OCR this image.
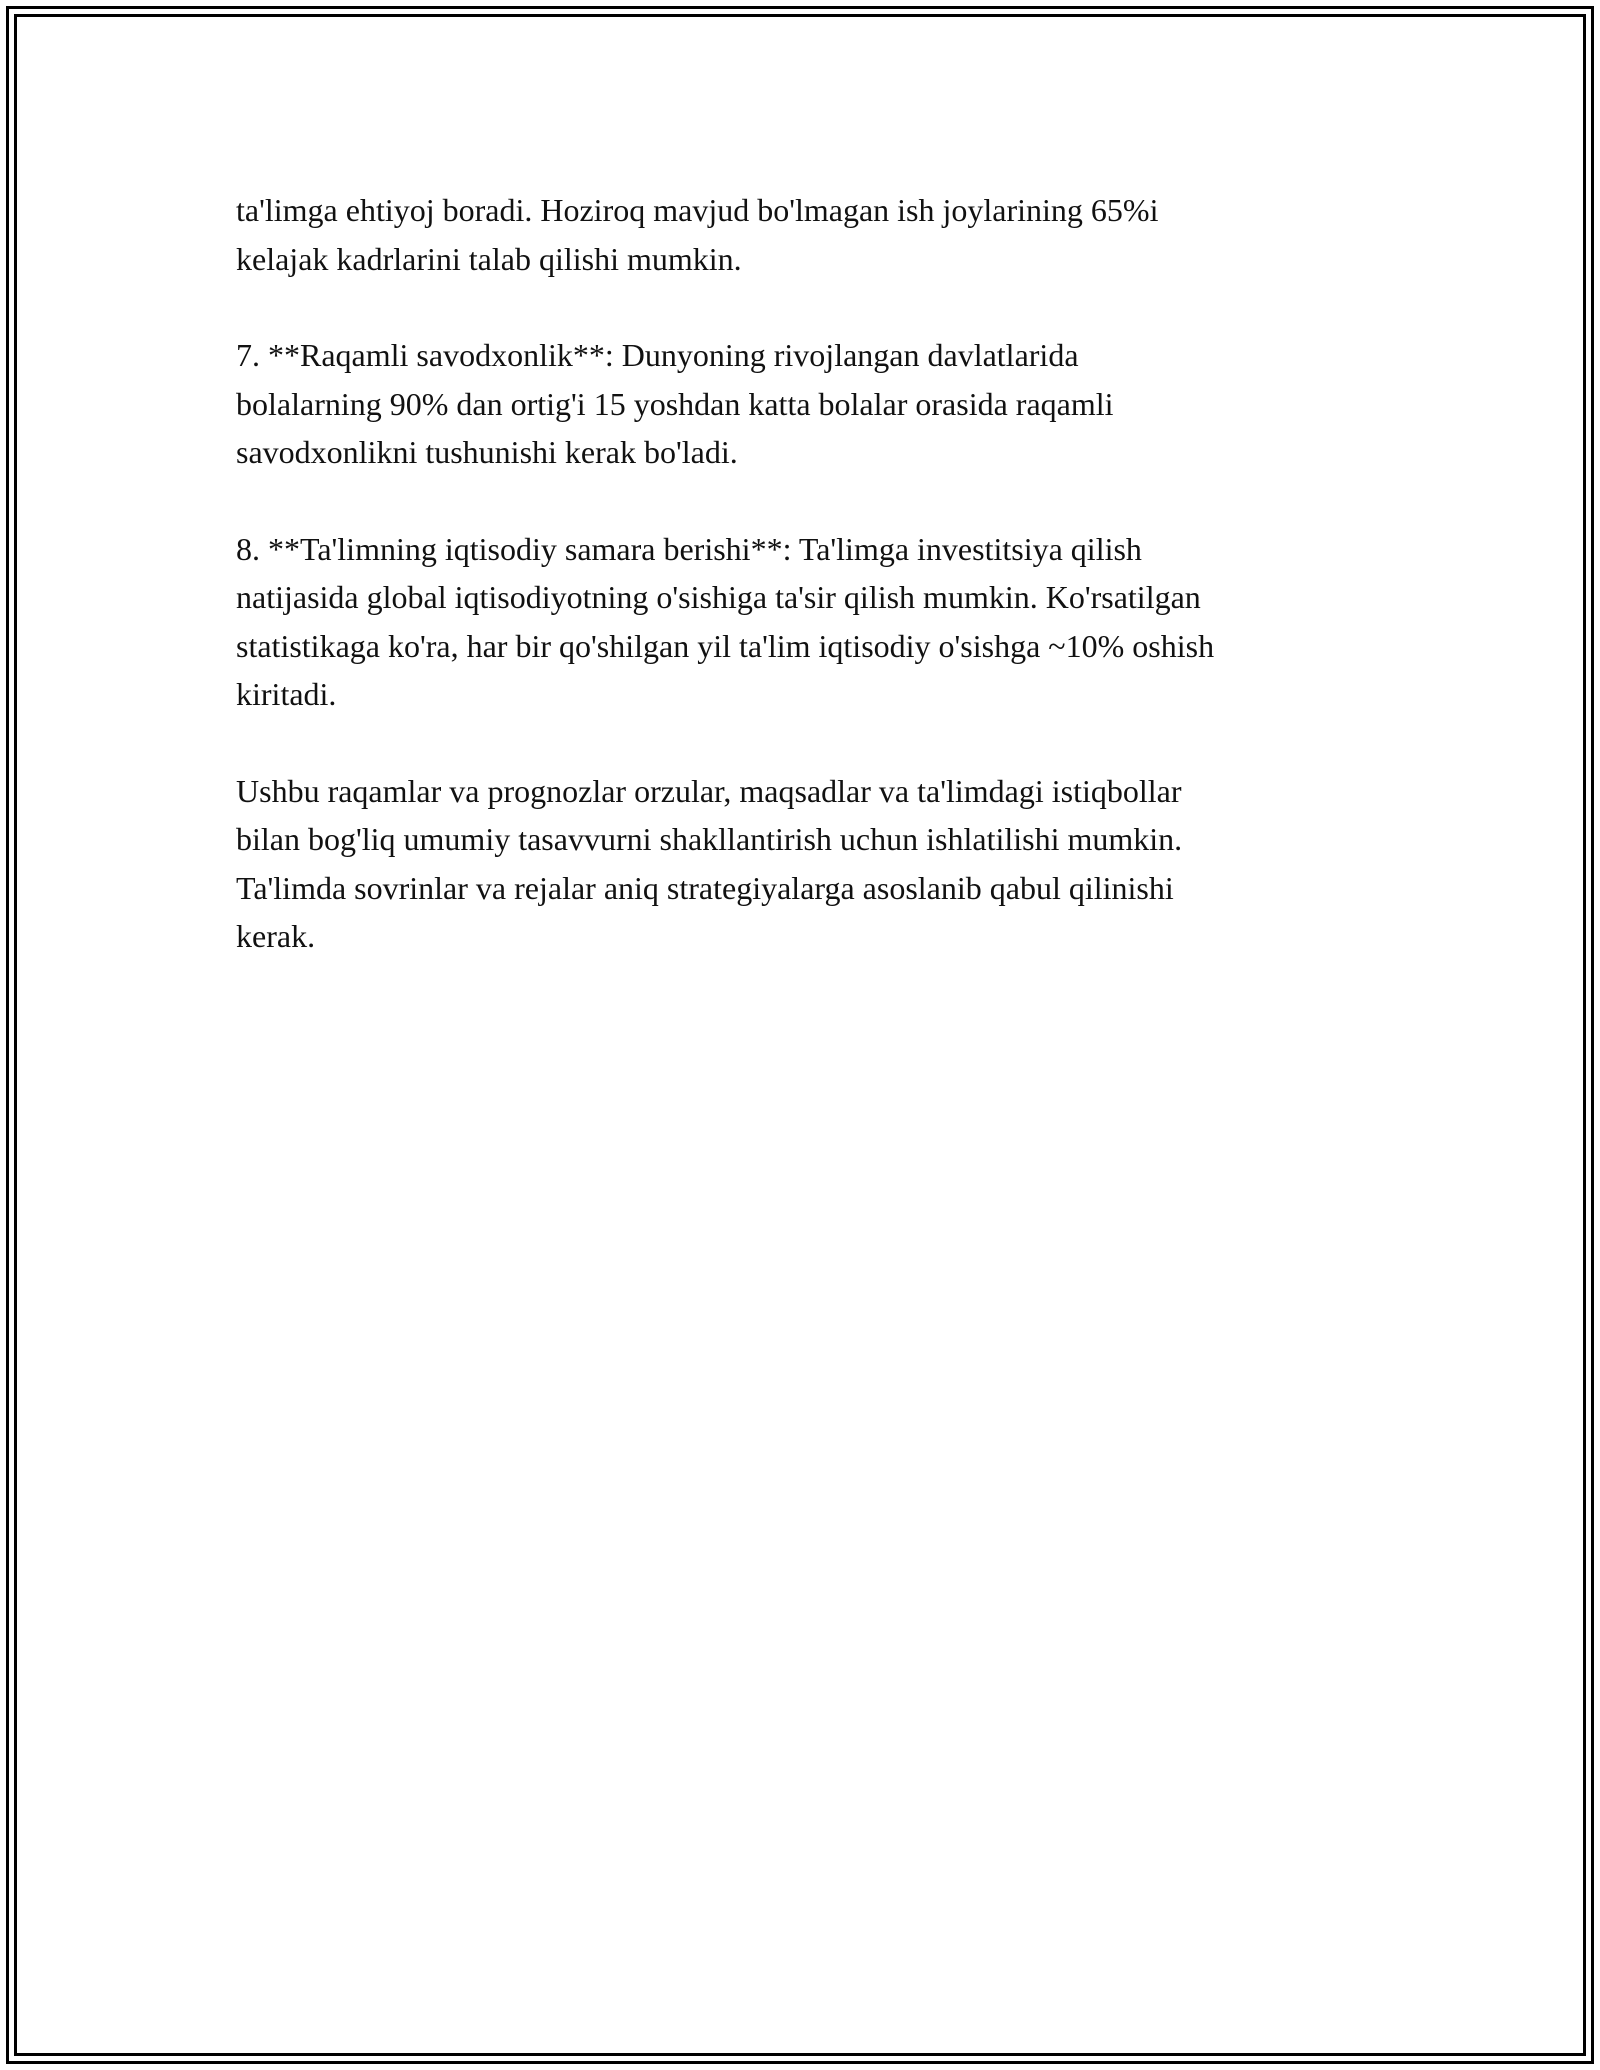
ta'limga ehtiyoj boradi. Hoziroq mavjud bo'lmagan ish joylarining 65%i
kelajak kadrlarini talab qilishi mumkin.

7. **Raqamli savodxonlik**: Dunyoning rivojlangan davlatlarida
bolalarning 90% dan ortig'i 15 yoshdan katta bolalar orasida raqamli
savodxonlikni tushunishi kerak bo'ladi.

8. **Ta'limning iqtisodiy samara berishi**: Ta'limga investitsiya qilish
natijasida global iqtisodiyotning o'sishiga ta'sir qilish mumkin. Ko'rsatilgan
statistikaga ko'ra, har bir qo'shilgan yil ta'lim iqtisodiy o'sishga ~10% oshish
kiritadi.

Ushbu raqamlar va prognozlar orzular, maqsadlar va ta'limdagi istiqbollar
bilan bog'liq umumiy tasavvurni shakllantirish uchun ishlatilishi mumkin.
Ta'limda sovrinlar va rejalar aniq strategiyalarga asoslanib qabul qilinishi
kerak.
